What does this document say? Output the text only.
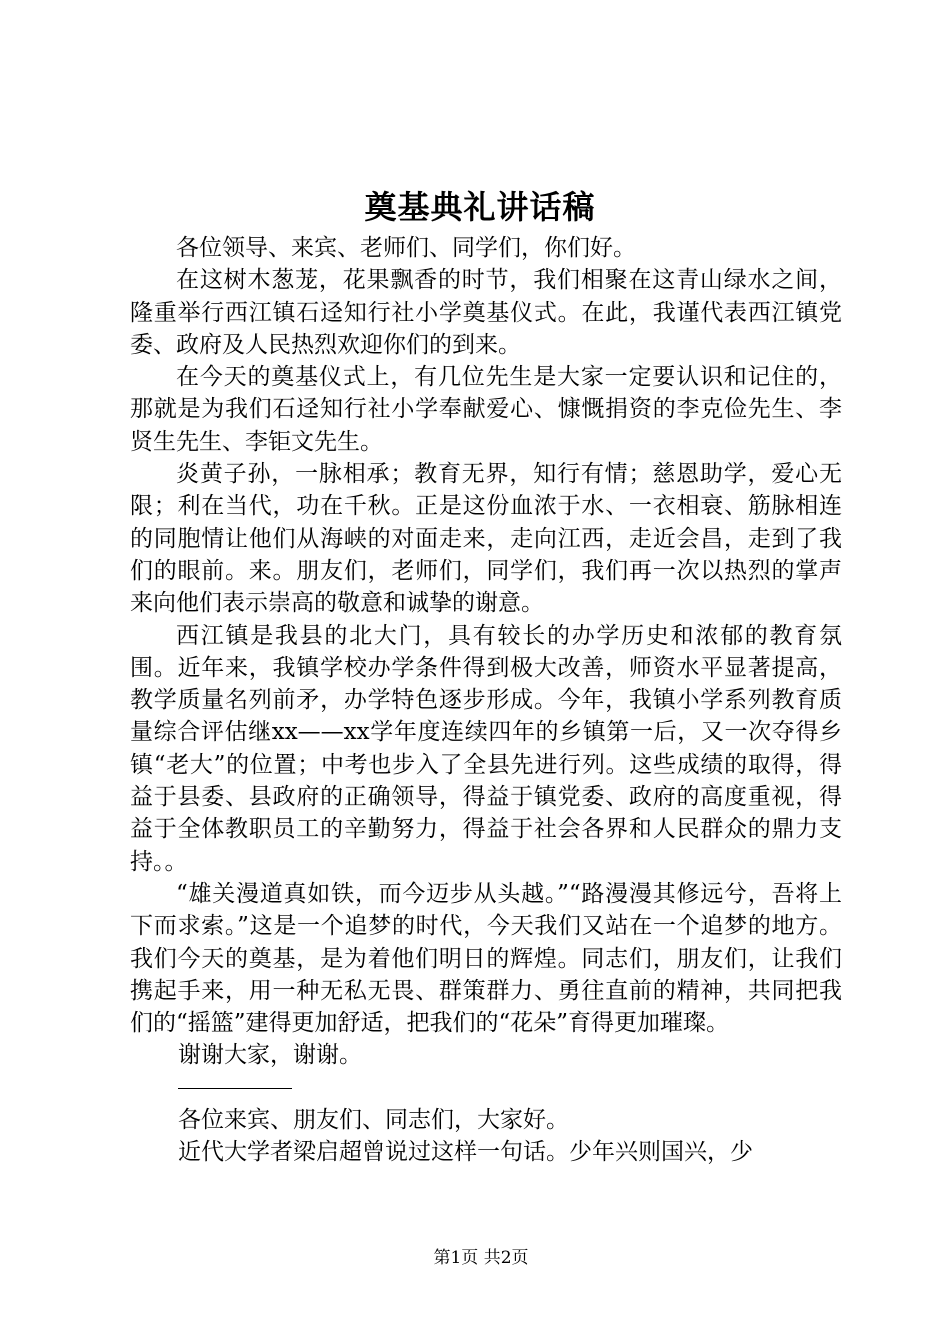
奠基典礼讲话稿

各位领导、来宾、老师们、同学们，你们好。

在这树木葱茏，花果飘香的时节，我们相聚在这青山绿水之间，隆重举行西江镇石迳知行社小学奠基仪式。在此，我谨代表西江镇党委、政府及人民热烈欢迎你们的到来。

在今天的奠基仪式上，有几位先生是大家一定要认识和记住的，那就是为我们石迳知行社小学奉献爱心、慷慨捐资的李克俭先生、李贤生先生、李钜文先生。

炎黄子孙，一脉相承；教育无界，知行有情；慈恩助学，爱心无限；利在当代，功在千秋。正是这份血浓于水、一衣相衰、筋脉相连的同胞情让他们从海峡的对面走来，走向江西，走近会昌，走到了我们的眼前。来。朋友们，老师们，同学们，我们再一次以热烈的掌声来向他们表示崇高的敬意和诚挚的谢意。

西江镇是我县的北大门，具有较长的办学历史和浓郁的教育氛围。近年来，我镇学校办学条件得到极大改善，师资水平显著提高，教学质量名列前矛，办学特色逐步形成。今年，我镇小学系列教育质量综合评估继xx——xx学年度连续四年的乡镇第一后，又一次夺得乡镇“老大”的位置；中考也步入了全县先进行列。这些成绩的取得，得益于县委、县政府的正确领导，得益于镇党委、政府的高度重视，得益于全体教职员工的辛勤努力，得益于社会各界和人民群众的鼎力支持。。

“雄关漫道真如铁，而今迈步从头越。”“路漫漫其修远兮，吾将上下而求索。”这是一个追梦的时代，今天我们又站在一个追梦的地方。我们今天的奠基，是为着他们明日的辉煌。同志们，朋友们，让我们携起手来，用一种无私无畏、群策群力、勇往直前的精神，共同把我们的“摇篮”建得更加舒适，把我们的“花朵”育得更加璀璨。

谢谢大家，谢谢。

各位来宾、朋友们、同志们，大家好。

近代大学者梁启超曾说过这样一句话。少年兴则国兴，少

第1页 共2页
